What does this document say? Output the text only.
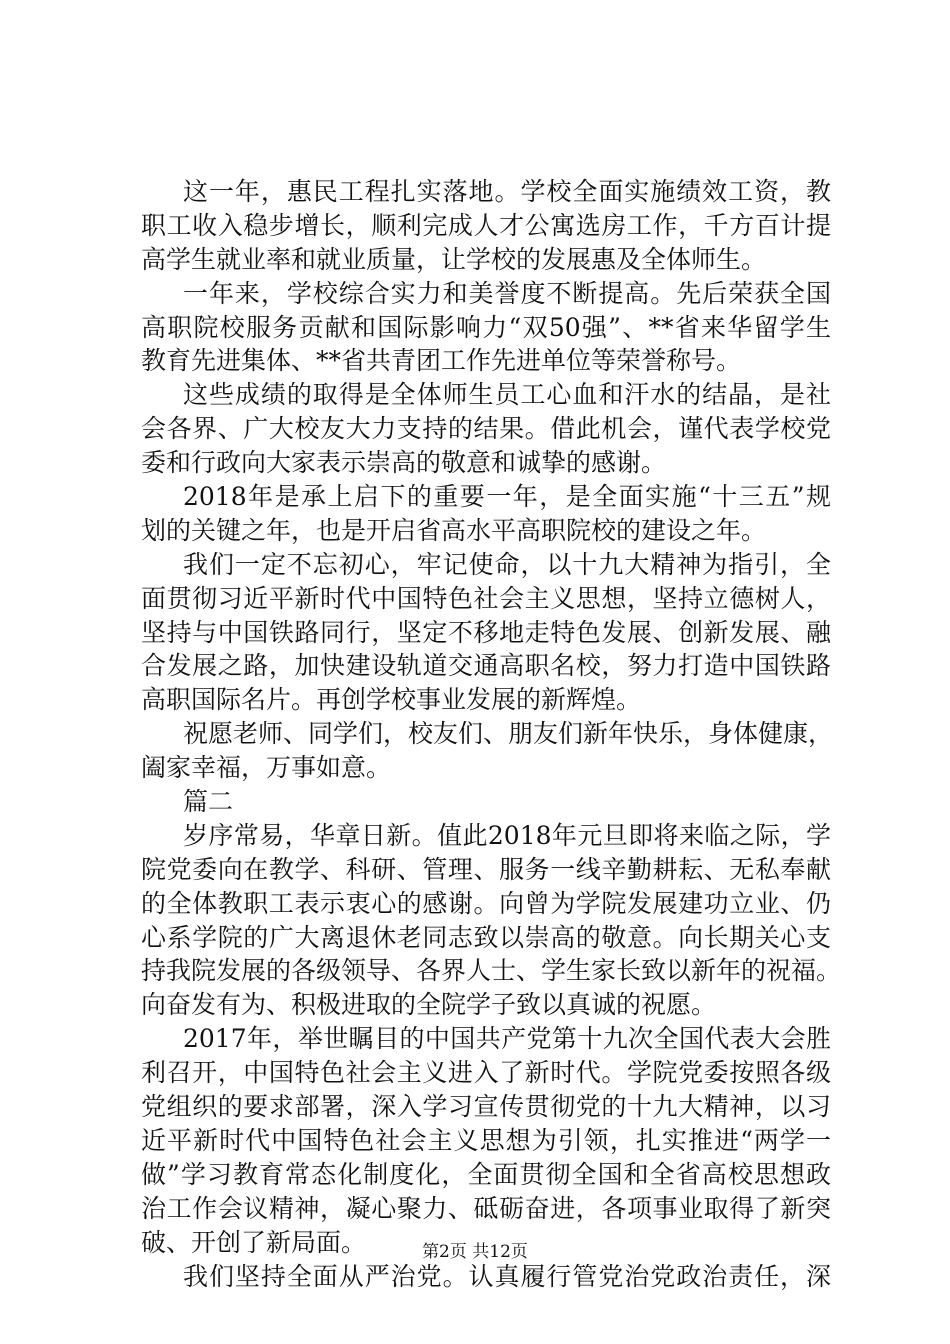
这一年，惠民工程扎实落地。学校全面实施绩效工资，教
职工收入稳步增长，顺利完成人才公寓选房工作，千方百计提
高学生就业率和就业质量，让学校的发展惠及全体师生。
一年来，学校综合实力和美誉度不断提高。先后荣获全国
高职院校服务贡献和国际影响力“双50强”、**省来华留学生
教育先进集体、**省共青团工作先进单位等荣誉称号。
这些成绩的取得是全体师生员工心血和汗水的结晶，是社
会各界、广大校友大力支持的结果。借此机会，谨代表学校党
委和行政向大家表示崇高的敬意和诚挚的感谢。
2018年是承上启下的重要一年，是全面实施“十三五”规
划的关键之年，也是开启省高水平高职院校的建设之年。
我们一定不忘初心，牢记使命，以十九大精神为指引，全
面贯彻习近平新时代中国特色社会主义思想，坚持立德树人，
坚持与中国铁路同行，坚定不移地走特色发展、创新发展、融
合发展之路，加快建设轨道交通高职名校，努力打造中国铁路
高职国际名片。再创学校事业发展的新辉煌。
祝愿老师、同学们，校友们、朋友们新年快乐，身体健康，
阖家幸福，万事如意。
篇二
岁序常易，华章日新。值此2018年元旦即将来临之际，学
院党委向在教学、科研、管理、服务一线辛勤耕耘、无私奉献
的全体教职工表示衷心的感谢。向曾为学院发展建功立业、仍
心系学院的广大离退休老同志致以崇高的敬意。向长期关心支
持我院发展的各级领导、各界人士、学生家长致以新年的祝福。
向奋发有为、积极进取的全院学子致以真诚的祝愿。
2017年，举世瞩目的中国共产党第十九次全国代表大会胜
利召开，中国特色社会主义进入了新时代。学院党委按照各级
党组织的要求部署，深入学习宣传贯彻党的十九大精神，以习
近平新时代中国特色社会主义思想为引领，扎实推进“两学一
做”学习教育常态化制度化，全面贯彻全国和全省高校思想政
治工作会议精神，凝心聚力、砥砺奋进，各项事业取得了新突
破、开创了新局面。
我们坚持全面从严治党。认真履行管党治党政治责任，深
第2页 共12页
